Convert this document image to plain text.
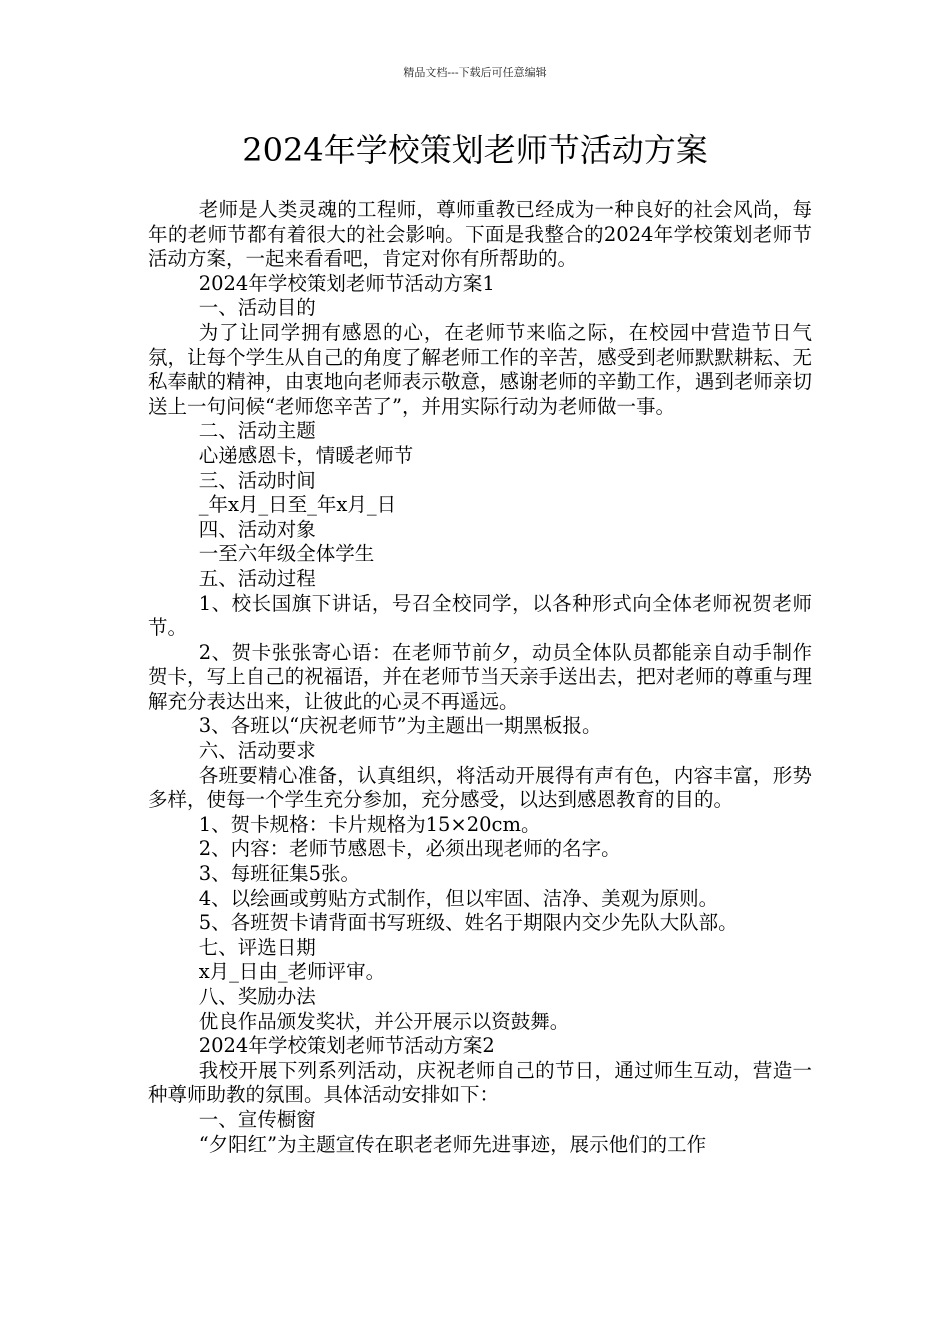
精品文档---下载后可任意编辑
2024年学校策划老师节活动方案

老师是人类灵魂的工程师，尊师重教已经成为一种良好的社会风尚，每年的老师节都有着很大的社会影响。下面是我整合的2024年学校策划老师节活动方案，一起来看看吧，肯定对你有所帮助的。

2024年学校策划老师节活动方案1

一、活动目的

为了让同学拥有感恩的心，在老师节来临之际，在校园中营造节日气氛，让每个学生从自己的角度了解老师工作的辛苦，感受到老师默默耕耘、无私奉献的精神，由衷地向老师表示敬意，感谢老师的辛勤工作，遇到老师亲切送上一句问候“老师您辛苦了”，并用实际行动为老师做一事。

二、活动主题

心递感恩卡，情暖老师节

三、活动时间

_年x月_日至_年x月_日

四、活动对象

一至六年级全体学生

五、活动过程

1、校长国旗下讲话，号召全校同学，以各种形式向全体老师祝贺老师节。

2、贺卡张张寄心语：在老师节前夕，动员全体队员都能亲自动手制作贺卡，写上自己的祝福语，并在老师节当天亲手送出去，把对老师的尊重与理解充分表达出来，让彼此的心灵不再遥远。

3、各班以“庆祝老师节”为主题出一期黑板报。

六、活动要求

各班要精心准备，认真组织，将活动开展得有声有色，内容丰富，形势多样，使每一个学生充分参加，充分感受，以达到感恩教育的目的。

1、贺卡规格：卡片规格为15×20cm。

2、内容：老师节感恩卡，必须出现老师的名字。

3、每班征集5张。

4、以绘画或剪贴方式制作，但以牢固、洁净、美观为原则。

5、各班贺卡请背面书写班级、姓名于期限内交少先队大队部。

七、评选日期

x月_日由_老师评审。

八、奖励办法

优良作品颁发奖状，并公开展示以资鼓舞。

2024年学校策划老师节活动方案2

我校开展下列系列活动，庆祝老师自己的节日，通过师生互动，营造一种尊师助教的氛围。具体活动安排如下：

一、宣传橱窗

“夕阳红”为主题宣传在职老老师先进事迹，展示他们的工作
